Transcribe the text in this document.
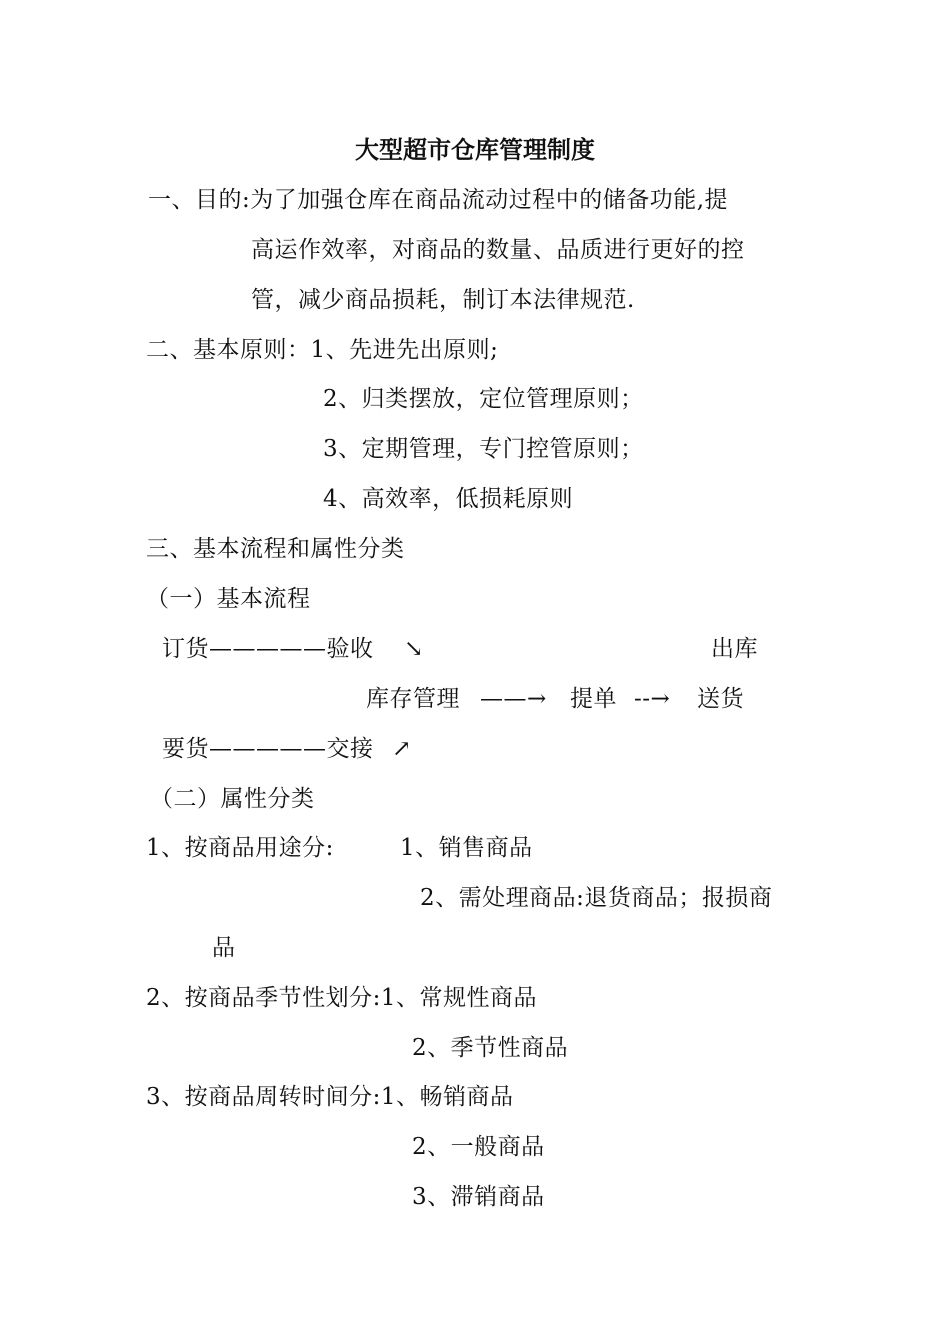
大型超市仓库管理制度
一、目的:为了加强仓库在商品流动过程中的储备功能,提
高运作效率，对商品的数量、品质进行更好的控
管，减少商品损耗，制订本法律规范.
二、基本原则：1、先进先出原则;
2、归类摆放，定位管理原则；
3、定期管理，专门控管原则；
4、高效率，低损耗原则
三、基本流程和属性分类
（一）基本流程
订货—————验收 ↘	出库
库存管理 ——→ 提单 --→ 送货
要货—————交接 ↗
（二）属性分类
1、按商品用途分:	1、销售商品
2、需处理商品:退货商品；报损商
品
2、按商品季节性划分:1、常规性商品
2、季节性商品
3、按商品周转时间分:1、畅销商品
2、一般商品
3、滞销商品
